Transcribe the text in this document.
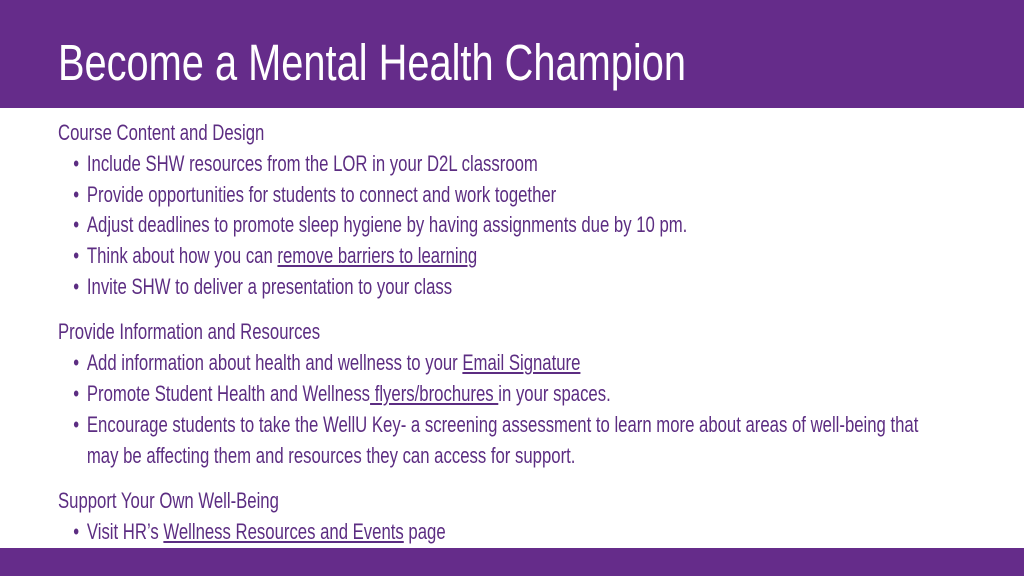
Become a Mental Health Champion
Course Content and Design
• Include SHW resources from the LOR in your D2L classroom
• Provide opportunities for students to connect and work together
• Adjust deadlines to promote sleep hygiene by having assignments due by 10 pm.
• Think about how you can remove barriers to learning
• Invite SHW to deliver a presentation to your class
Provide Information and Resources
• Add information about health and wellness to your Email Signature
• Promote Student Health and Wellness flyers/brochures in your spaces.
• Encourage students to take the WellU Key- a screening assessment to learn more about areas of well-being that
may be affecting them and resources they can access for support.
Support Your Own Well-Being
• Visit HR’s Wellness Resources and Events page
